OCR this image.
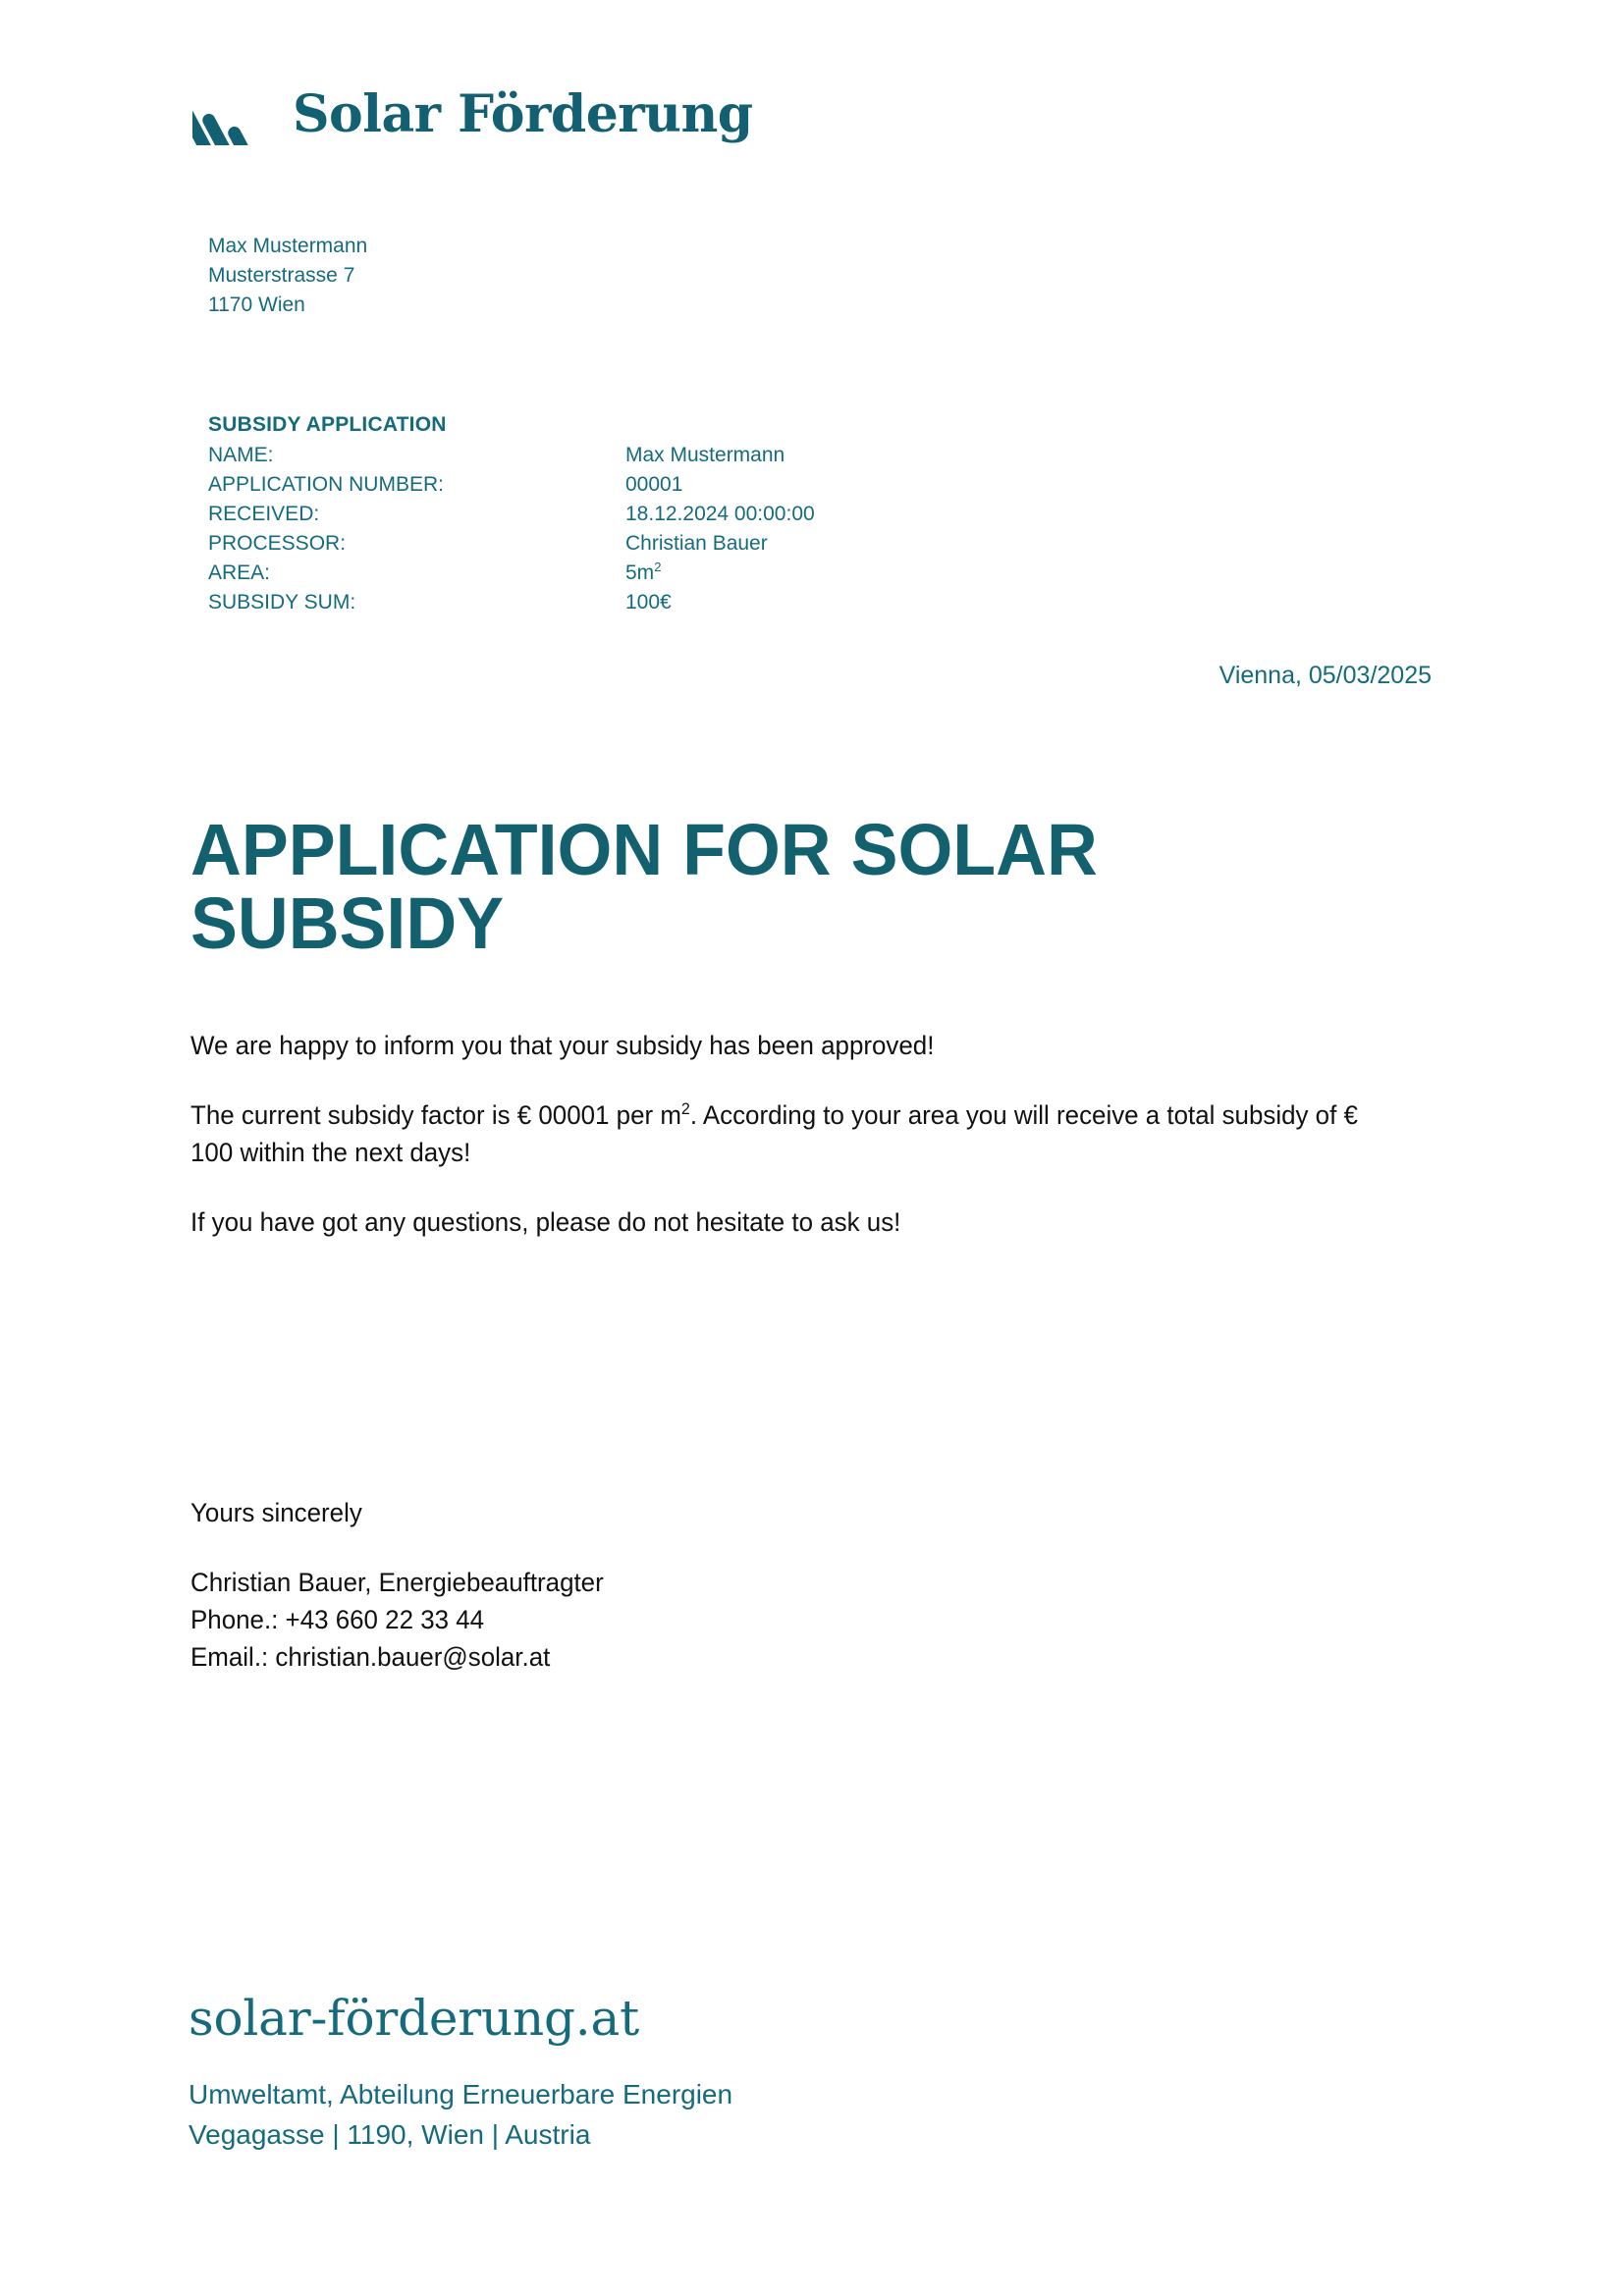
Solar Förderung
Max Mustermann
Musterstrasse 7
1170 Wien
SUBSIDY APPLICATION
NAME:	Max Mustermann
APPLICATION NUMBER:	00001
RECEIVED:	18.12.2024 00:00:00
PROCESSOR:	Christian Bauer
AREA:	$5m^2$
SUBSIDY SUM:	100€
Vienna, 05/03/2025
APPLICATION FOR SOLAR SUBSIDY

We are happy to inform you that your subsidy has been approved!

The current subsidy factor is € 00001 per $m^2$. According to your area you will receive a total subsidy of € 100 within the next days!

If you have got any questions, please do not hesitate to ask us!

Yours sincerely
Christian Bauer, Energiebeauftragter
Phone.: +43 660 22 33 44
Email.: christian.bauer@solar.at
solar-förderung.at
Umweltamt, Abteilung Erneuerbare Energien
Vegagasse | 1190, Wien | Austria
